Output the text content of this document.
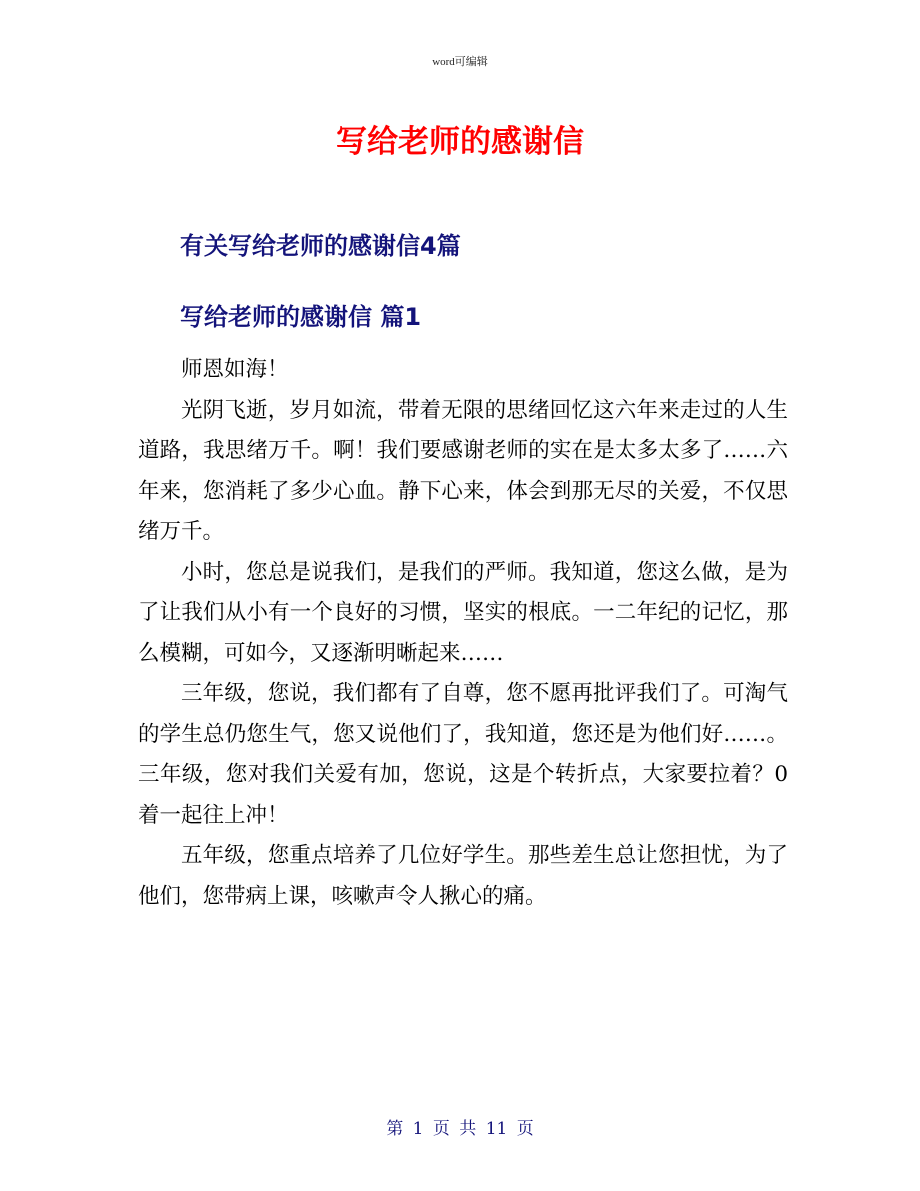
word可编辑
写给老师的感谢信
有关写给老师的感谢信4篇
写给老师的感谢信 篇1

师恩如海！

光阴飞逝，岁月如流，带着无限的思绪回忆这六年来走过的人生道路，我思绪万千。啊！我们要感谢老师的实在是太多太多了……六年来，您消耗了多少心血。静下心来，体会到那无尽的关爱，不仅思绪万千。

小时，您总是说我们，是我们的严师。我知道，您这么做，是为了让我们从小有一个良好的习惯，坚实的根底。一二年纪的记忆，那么模糊，可如今，又逐渐明晰起来……

三年级，您说，我们都有了自尊，您不愿再批评我们了。可淘气的学生总仍您生气，您又说他们了，我知道，您还是为他们好……。三年级，您对我们关爱有加，您说，这是个转折点，大家要拉着？0着一起往上冲！

五年级，您重点培养了几位好学生。那些差生总让您担忧，为了他们，您带病上课，咳嗽声令人揪心的痛。

第 1 页 共 11 页
